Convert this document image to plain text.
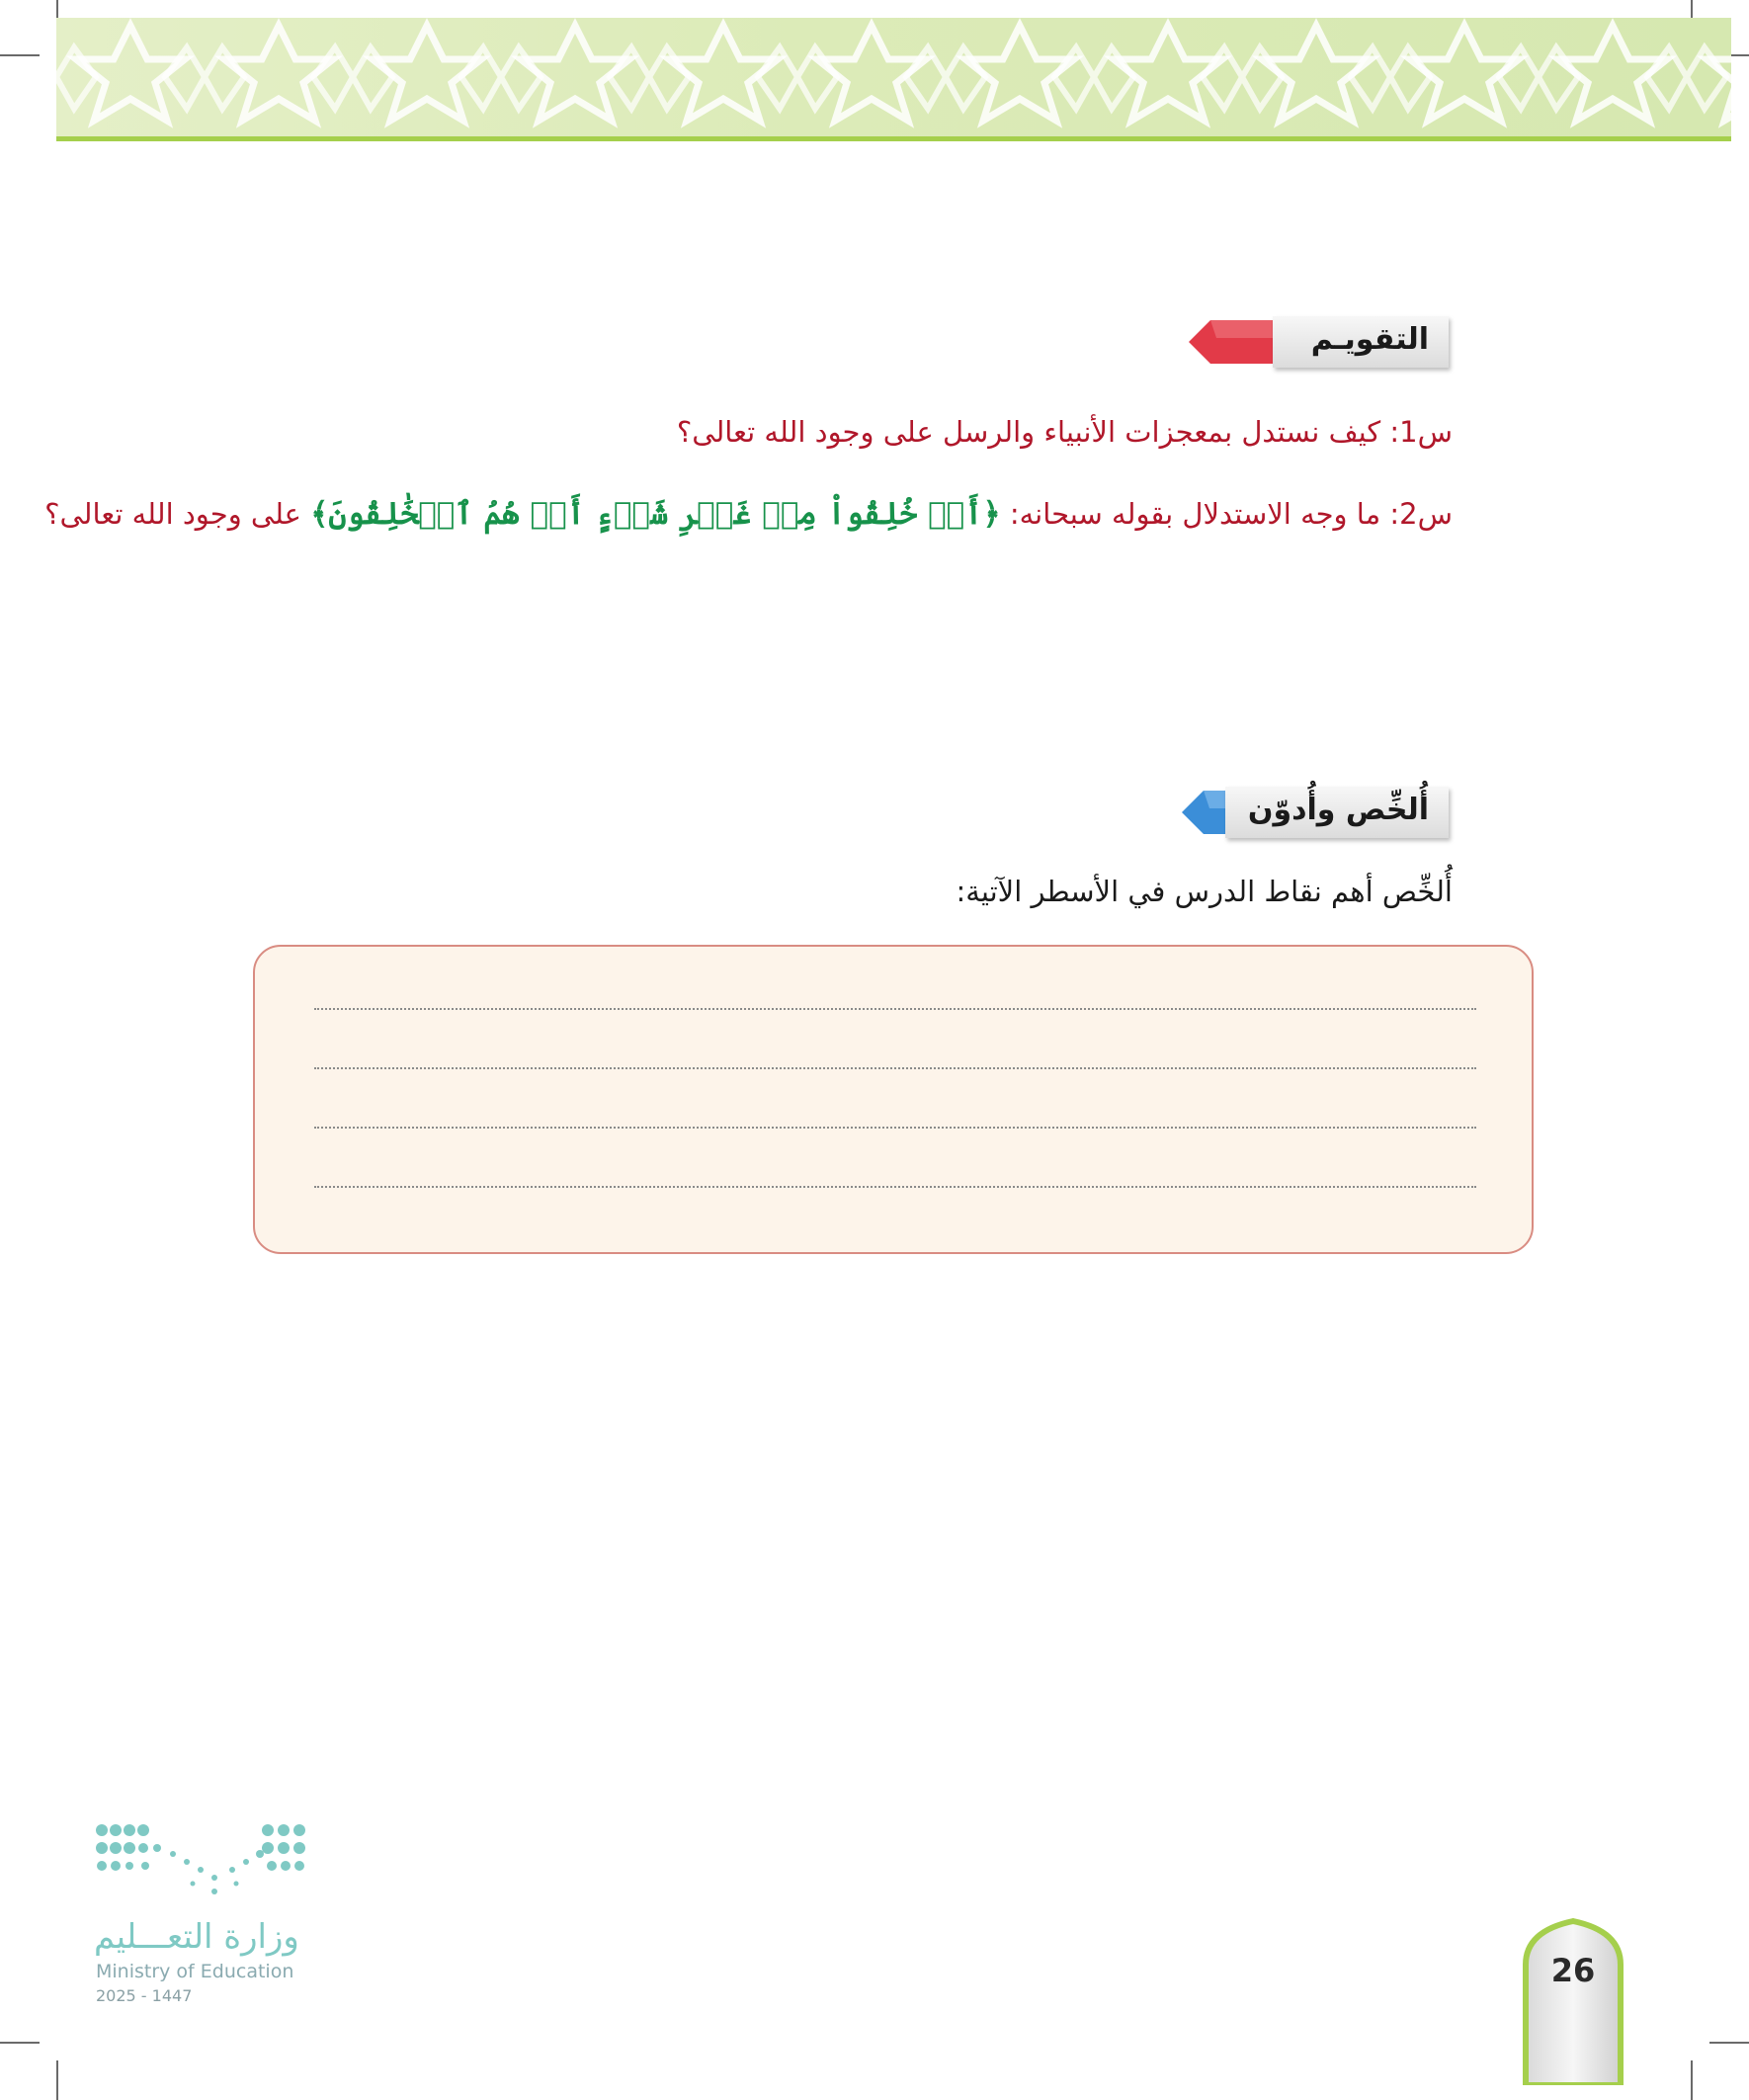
التقويـم
س1: كيف نستدل بمعجزات الأنبياء والرسل على وجود الله تعالى؟
س2: ما وجه الاستدلال بقوله سبحانه: ﴿أَمۡ خُلِقُواْ مِنۡ غَيۡرِ شَيۡءٍ أَمۡ هُمُ ٱلۡخَٰلِقُونَ﴾ على وجود الله تعالى؟
أُلخِّص وأُدوّن
أُلخِّص أهم نقاط الدرس في الأسطر الآتية:
وزارة التعـــليم
Ministry of Education
2025 - 1447
26
